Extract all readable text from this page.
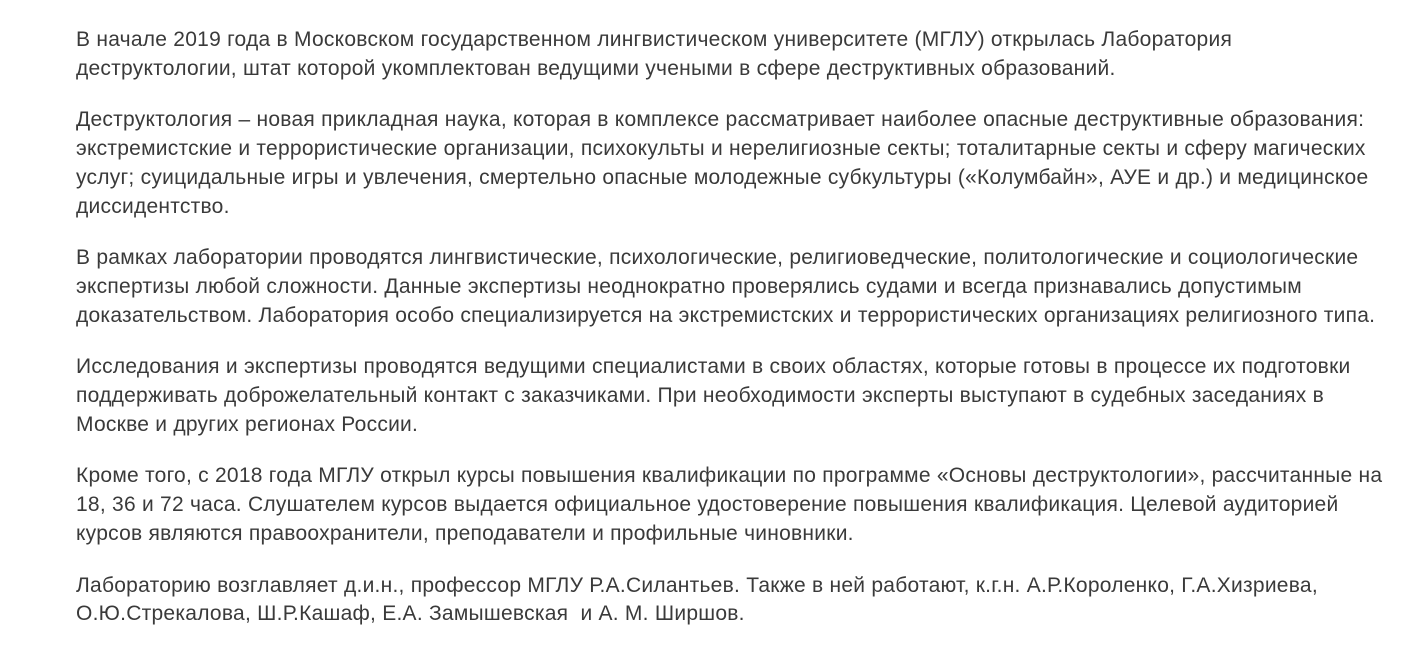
В начале 2019 года в Московском государственном лингвистическом университете (МГЛУ) открылась Лаборатория деструктологии, штат которой укомплектован ведущими учеными в сфере деструктивных образований.

Деструктология – новая прикладная наука, которая в комплексе рассматривает наиболее опасные деструктивные образования: экстремистские и террористические организации, психокульты и нерелигиозные секты; тоталитарные секты и сферу магических услуг; суицидальные игры и увлечения, смертельно опасные молодежные субкультуры («Колумбайн», АУЕ и др.) и медицинское диссидентство.

В рамках лаборатории проводятся лингвистические, психологические, религиоведческие, политологические и социологические экспертизы любой сложности. Данные экспертизы неоднократно проверялись судами и всегда признавались допустимым доказательством. Лаборатория особо специализируется на экстремистских и террористических организациях религиозного типа.

Исследования и экспертизы проводятся ведущими специалистами в своих областях, которые готовы в процессе их подготовки поддерживать доброжелательный контакт с заказчиками. При необходимости эксперты выступают в судебных заседаниях в Москве и других регионах России.

Кроме того, с 2018 года МГЛУ открыл курсы повышения квалификации по программе «Основы деструктологии», рассчитанные на 18, 36 и 72 часа. Слушателем курсов выдается официальное удостоверение повышения квалификация. Целевой аудиторией курсов являются правоохранители, преподаватели и профильные чиновники.

Лабораторию возглавляет д.и.н., профессор МГЛУ Р.А.Силантьев. Также в ней работают, к.г.н. А.Р.Короленко, Г.А.Хизриева,  О.Ю.Стрекалова, Ш.Р.Кашаф, Е.А. Замышевская  и А. М. Ширшов.
